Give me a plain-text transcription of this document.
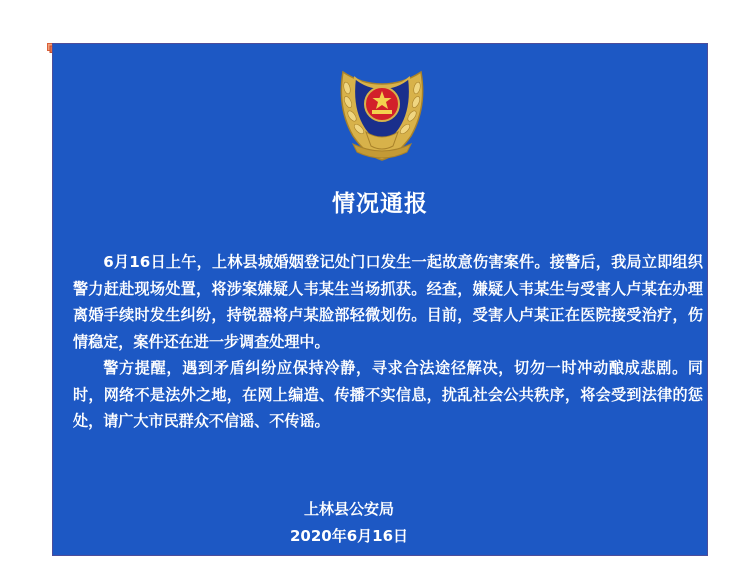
情况通报

6月16日上午，上林县城婚姻登记处门口发生一起故意伤害案件。接警后，我局立即组织警力赶赴现场处置，将涉案嫌疑人韦某生当场抓获。经查，嫌疑人韦某生与受害人卢某在办理离婚手续时发生纠纷，持锐器将卢某脸部轻微划伤。目前，受害人卢某正在医院接受治疗，伤情稳定，案件还在进一步调查处理中。

警方提醒，遇到矛盾纠纷应保持冷静，寻求合法途径解决，切勿一时冲动酿成悲剧。同时，网络不是法外之地，在网上编造、传播不实信息，扰乱社会公共秩序，将会受到法律的惩处，请广大市民群众不信谣、不传谣。

上林县公安局
2020年6月16日
